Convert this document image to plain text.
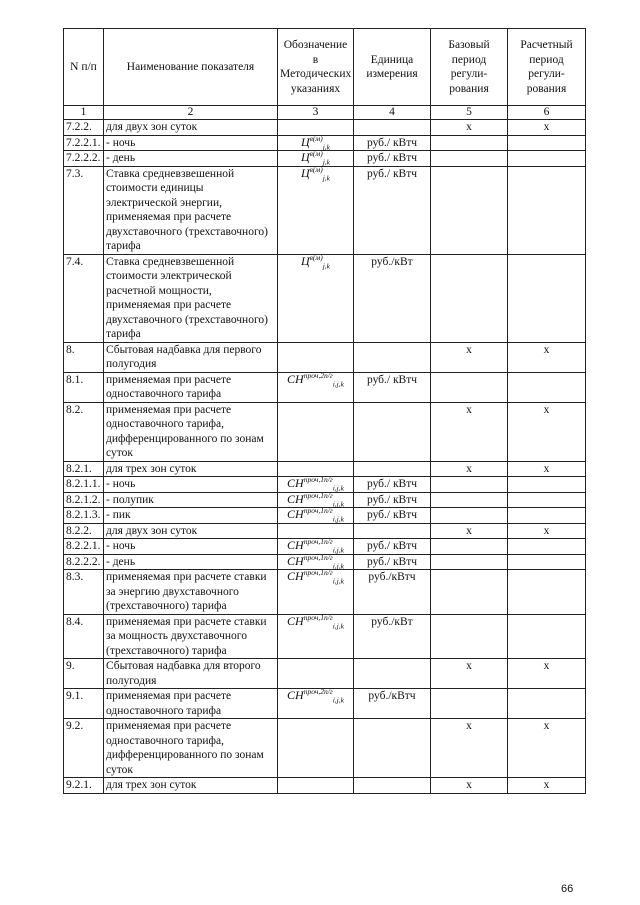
N п/п	Наименование показателя	Обозначение в Методических указаниях	Единица измерения	Базовый период регули-рования	Расчетный период регули-рования
1	2	3	4	5	6
7.2.2.	для двух зон суток			x	x
7.2.2.1.	- ночь	$Ц^{в(м)}_{j,k}$	руб./ кВтч		
7.2.2.2.	- день	$Ц^{в(м)}_{j,k}$	руб./ кВтч		
7.3.	Ставка средневзвешенной стоимости единицы электрической энергии, применяемая при расчете двухставочного (трехставочного) тарифа	$Ц^{в(м)}_{j,k}$	руб./ кВтч		
7.4.	Ставка средневзвешенной стоимости электрической расчетной мощности, применяемая при расчете двухставочного (трехставочного) тарифа	$Ц^{в(м)}_{j,k}$	руб./кВт		
8.	Сбытовая надбавка для первого полугодия			x	x
8.1.	применяемая при расчете одноставочного тарифа	$СН^{проч,2п/г}_{i,j,k}$	руб./ кВтч		
8.2.	применяемая при расчете одноставочного тарифа, дифференцированного по зонам суток			x	x
8.2.1.	для трех зон суток			x	x
8.2.1.1.	- ночь	$СН^{проч,1п/г}_{i,j,k}$	руб./ кВтч		
8.2.1.2.	- полупик	$СН^{проч,1п/г}_{i,j,k}$	руб./ кВтч		
8.2.1.3.	- пик	$СН^{проч,1п/г}_{i,j,k}$	руб./ кВтч		
8.2.2.	для двух зон суток			x	x
8.2.2.1.	- ночь	$СН^{проч,1п/г}_{i,j,k}$	руб./ кВтч		
8.2.2.2.	- день	$СН^{проч,1п/г}_{i,j,k}$	руб./ кВтч		
8.3.	применяемая при расчете ставки за энергию двухставочного (трехставочного) тарифа	$СН^{проч,1п/г}_{i,j,k}$	руб./кВтч		
8.4.	применяемая при расчете ставки за мощность двухставочного (трехставочного) тарифа	$СН^{проч,1п/г}_{i,j,k}$	руб./кВт		
9.	Сбытовая надбавка для второго полугодия			x	x
9.1.	применяемая при расчете одноставочного тарифа	$СН^{проч,2п/г}_{i,j,k}$	руб./кВтч		
9.2.	применяемая при расчете одноставочного тарифа, дифференцированного по зонам суток			x	x
9.2.1.	для трех зон суток			x	x
66
